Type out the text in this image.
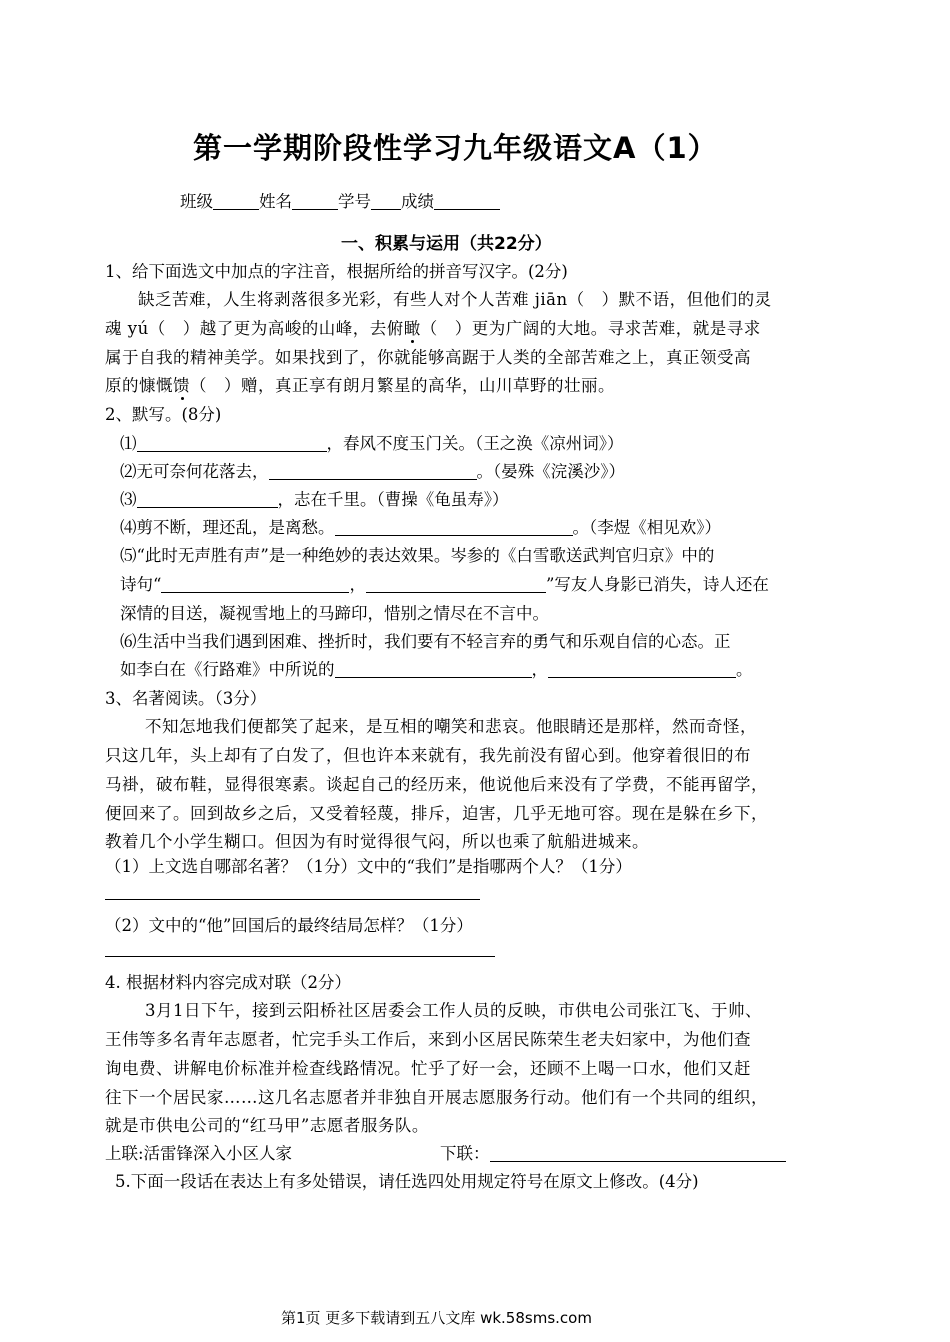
第一学期阶段性学习九年级语文A（1）
班级	姓名	学号 成绩
一、积累与运用（共22分）
1、给下面选文中加点的字注音，根据所给的拼音写汉字。(2分)
缺乏苦难，人生将剥落很多光彩，有些人对个人苦难 jiān（　）默不语，但他们的灵
魂 yú（　）越了更为高峻的山峰，去俯瞰（　）更为广阔的大地。寻求苦难，就是寻求
属于自我的精神美学。如果找到了，你就能够高踞于人类的全部苦难之上，真正领受高
原的慷慨馈（　）赠，真正享有朗月繁星的高华，山川草野的壮丽。
2、默写。(8分)
⑴	，春风不度玉门关。（王之涣《凉州词》）
⑵无可奈何花落去，	。（晏殊《浣溪沙》）
⑶	，志在千里。（曹操《龟虽寿》）
⑷剪不断，理还乱，是离愁。	。（李煜《相见欢》）
⑸“此时无声胜有声”是一种绝妙的表达效果。岑参的《白雪歌送武判官归京》中的
诗句“	，	”写友人身影已消失，诗人还在
深情的目送，凝视雪地上的马蹄印，惜别之情尽在不言中。
⑹生活中当我们遇到困难、挫折时，我们要有不轻言弃的勇气和乐观自信的心态。正
如李白在《行路难》中所说的	，	。
3、名著阅读。（3分）
不知怎地我们便都笑了起来，是互相的嘲笑和悲哀。他眼睛还是那样，然而奇怪，
只这几年，头上却有了白发了，但也许本来就有，我先前没有留心到。他穿着很旧的布
马褂，破布鞋，显得很寒素。谈起自己的经历来，他说他后来没有了学费，不能再留学，
便回来了。回到故乡之后，又受着轻蔑，排斥，迫害，几乎无地可容。现在是躲在乡下，
教着几个小学生糊口。但因为有时觉得很气闷，所以也乘了航船进城来。
（1）上文选自哪部名著？（1分）文中的“我们”是指哪两个人？（1分）
（2）文中的“他”回国后的最终结局怎样？（1分）
4. 根据材料内容完成对联（2分）
3月1日下午，接到云阳桥社区居委会工作人员的反映，市供电公司张江飞、于帅、
王伟等多名青年志愿者，忙完手头工作后，来到小区居民陈荣生老夫妇家中，为他们查
询电费、讲解电价标准并检查线路情况。忙乎了好一会，还顾不上喝一口水，他们又赶
往下一个居民家……这几名志愿者并非独自开展志愿服务行动。他们有一个共同的组织，
就是市供电公司的“红马甲”志愿者服务队。
上联:活雷锋深入小区人家	下联：
5.下面一段话在表达上有多处错误，请任选四处用规定符号在原文上修改。(4分)
第1页 更多下载请到五八文库 wk.58sms.com
